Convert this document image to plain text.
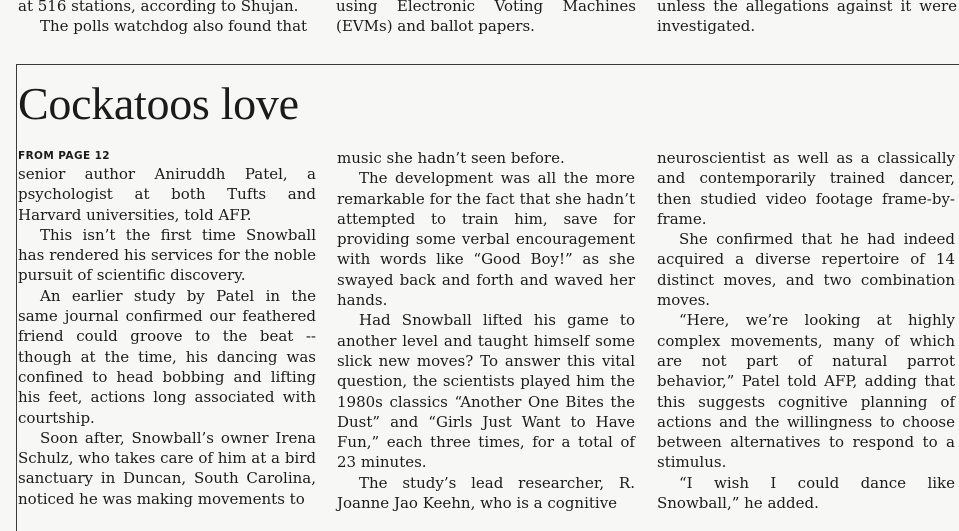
at 516 stations, according to Shujan.

The polls watchdog also found that

using Electronic Voting Machines (EVMs) and ballot papers.

unless the allegations against it were investigated.

Cockatoos love

FROM PAGE 12

senior author Aniruddh Patel, a psychologist at both Tufts and Harvard universities, told AFP.

This isn’t the first time Snowball has rendered his services for the noble pursuit of scientific discovery.

An earlier study by Patel in the same journal confirmed our feathered friend could groove to the beat -- though at the time, his dancing was confined to head bobbing and lifting his feet, actions long associated with courtship.

Soon after, Snowball’s owner Irena Schulz, who takes care of him at a bird sanctuary in Duncan, South Carolina, noticed he was making movements to

music she hadn’t seen before.

The development was all the more remarkable for the fact that she hadn’t attempted to train him, save for providing some verbal encouragement with words like “Good Boy!” as she swayed back and forth and waved her hands.

Had Snowball lifted his game to another level and taught himself some slick new moves? To answer this vital question, the scientists played him the 1980s classics “Another One Bites the Dust” and “Girls Just Want to Have Fun,” each three times, for a total of 23 minutes.

The study’s lead researcher, R. Joanne Jao Keehn, who is a cognitive

neuroscientist as well as a classically and contemporarily trained dancer, then studied video footage frame-by-frame.

She confirmed that he had indeed acquired a diverse repertoire of 14 distinct moves, and two combination moves.

“Here, we’re looking at highly complex movements, many of which are not part of natural parrot behavior,” Patel told AFP, adding that this suggests cognitive planning of actions and the willingness to choose between alternatives to respond to a stimulus.

“I wish I could dance like Snowball,” he added.
